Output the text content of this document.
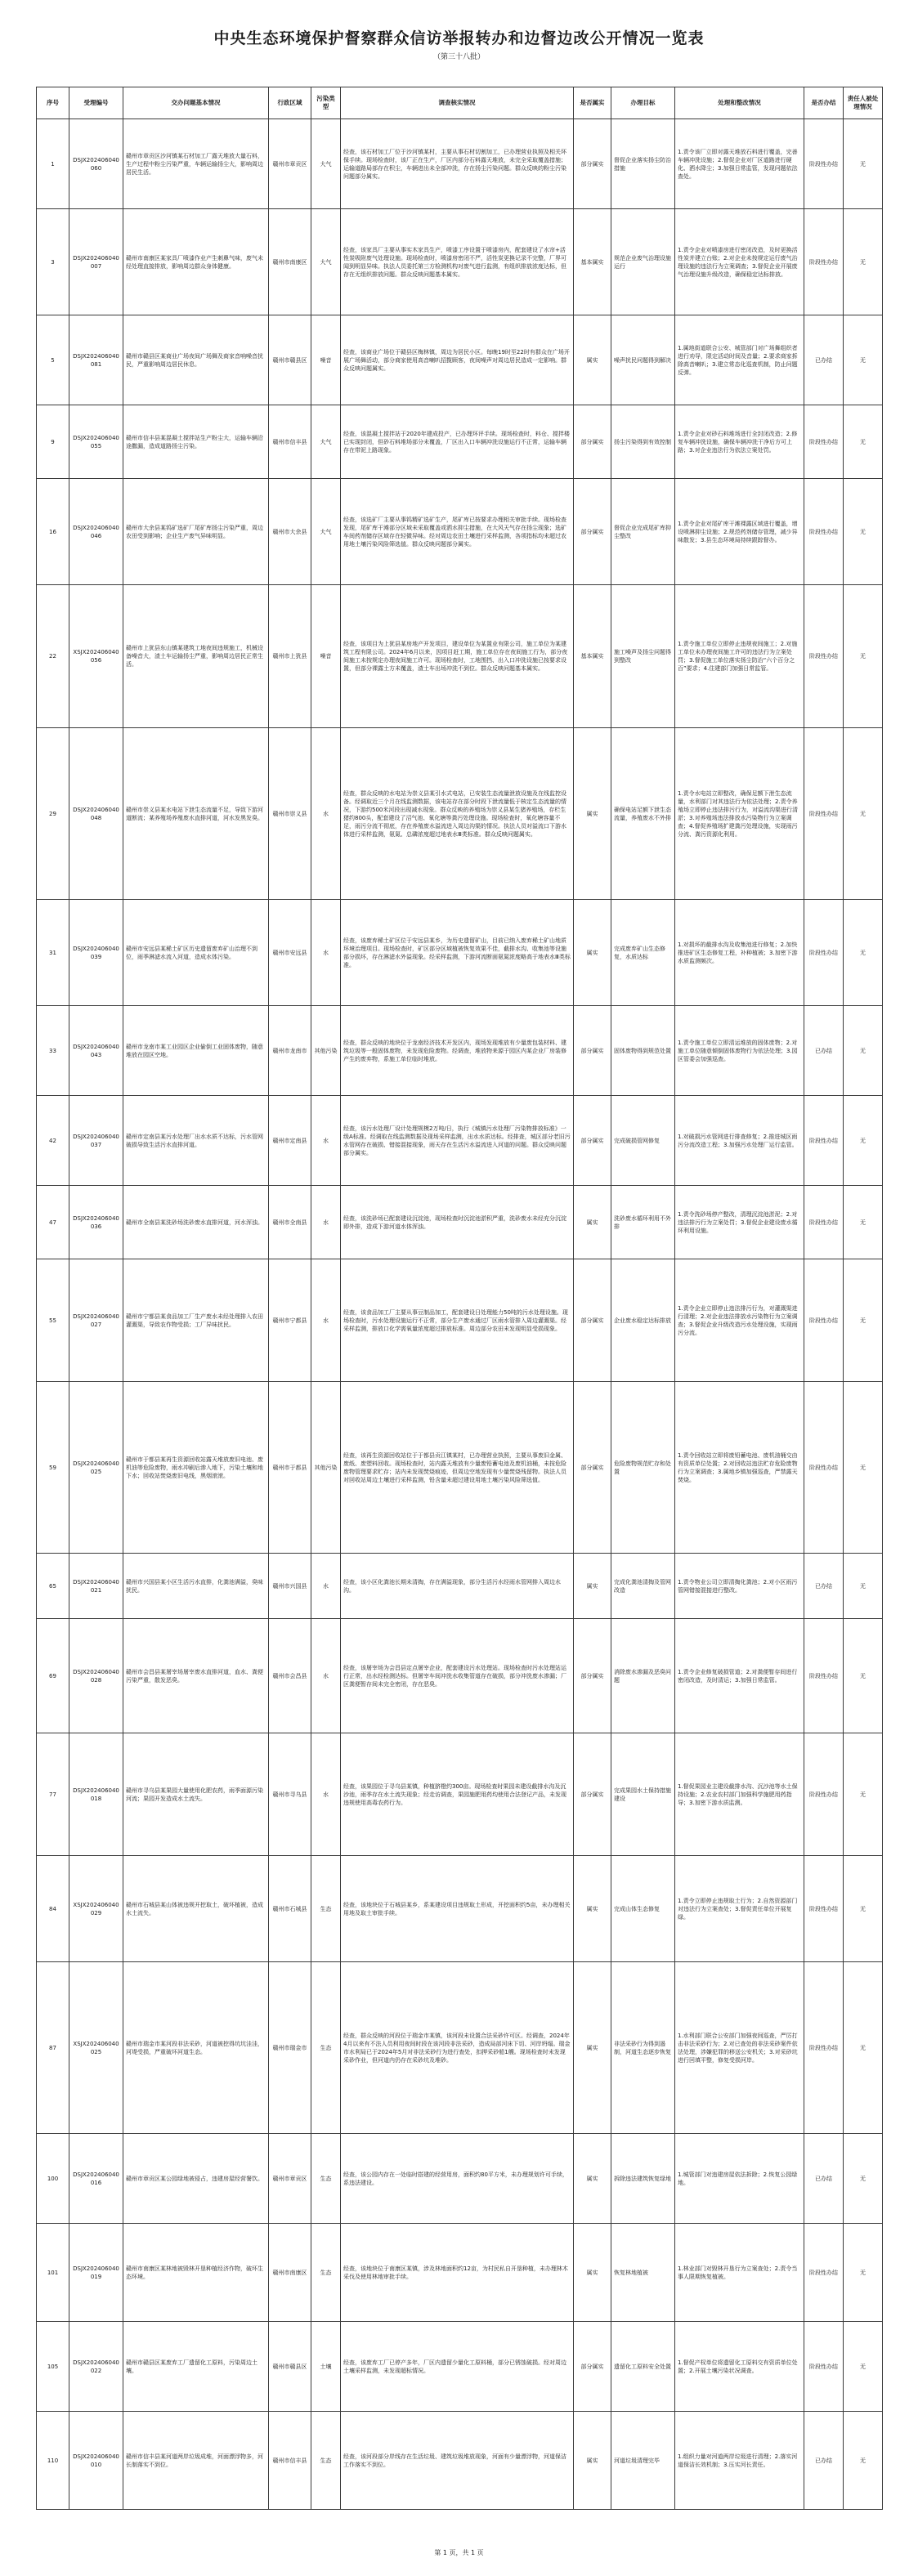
中央生态环境保护督察群众信访举报转办和边督边改公开情况一览表
（第三十八批）
序号	受理编号	交办问题基本情况	行政区域	污染类型	调查核实情况	是否属实	办理目标	处理和整改情况	是否办结	责任人被处理情况
1	DSJX202406040060	赣州市章贡区沙河镇某石材加工厂露天堆放大量石料，生产过程中粉尘污染严重，车辆运输扬尘大，影响周边居民生活。	赣州市章贡区	大气	经查，该石材加工厂位于沙河镇某村，主要从事石材切割加工，已办理营业执照及相关环保手续。现场检查时，该厂正在生产，厂区内部分石料露天堆放，未完全采取覆盖措施；运输道路局部存在积尘，车辆进出未全部冲洗，存在扬尘污染问题。群众反映的粉尘污染问题部分属实。	部分属实	督促企业落实扬尘防治措施	1.责令该厂立即对露天堆放石料进行覆盖，完善车辆冲洗设施；2.督促企业对厂区道路进行硬化、洒水降尘；3.加强日常监管，发现问题依法查处。	阶段性办结	无
3	DSJX202406040007	赣州市南康区某家具厂喷漆作业产生刺鼻气味，废气未经处理直接排放，影响周边群众身体健康。	赣州市南康区	大气	经查，该家具厂主要从事实木家具生产，喷漆工序设置于喷漆房内，配套建设了水帘+活性炭吸附废气处理设施。现场检查时，喷漆房密闭不严，活性炭更换记录不完整，厂界可闻到明显异味。执法人员委托第三方检测机构对废气进行监测，有组织排放浓度达标，但存在无组织排放问题。群众反映问题基本属实。	基本属实	规范企业废气治理设施运行	1.责令企业对喷漆房进行密闭改造，及时更换活性炭并建立台账；2.对企业未按规定运行废气治理设施的违法行为立案调查；3.督促企业开展废气治理设施升级改造，确保稳定达标排放。	阶段性办结	无
5	DSJX202406040081	赣州市赣县区某商业广场夜间广场舞及商家音响噪音扰民，严重影响周边居民休息。	赣州市赣县区	噪音	经查，该商业广场位于赣县区梅林镇，周边为居民小区。每晚19时至22时有群众在广场开展广场舞活动，部分商家使用高音喇叭招揽顾客，夜间噪声对周边居民造成一定影响。群众反映问题属实。	属实	噪声扰民问题得到解决	1.属地街道联合公安、城管部门对广场舞组织者进行劝导，限定活动时间及音量；2.要求商家拆除高音喇叭；3.建立常态化巡查机制，防止问题反弹。	已办结	无
9	DSJX202406040055	赣州市信丰县某混凝土搅拌站生产粉尘大，运输车辆沿途撒漏，造成道路扬尘污染。	赣州市信丰县	大气	经查，该混凝土搅拌站于2020年建成投产，已办理环评手续。现场检查时，料仓、搅拌楼已实现封闭，但砂石料堆场部分未覆盖，厂区出入口车辆冲洗设施运行不正常，运输车辆存在带泥上路现象。	部分属实	扬尘污染得到有效控制	1.责令企业对砂石料堆场进行全封闭改造；2.修复车辆冲洗设施，确保车辆冲洗干净后方可上路；3.对企业违法行为依法立案处罚。	阶段性办结	无
16	DSJX202406040046	赣州市大余县某钨矿选矿厂尾矿库扬尘污染严重，周边农田受到影响；企业生产废气异味明显。	赣州市大余县	大气	经查，该选矿厂主要从事钨精矿选矿生产，尾矿库已按要求办理相关审批手续。现场检查发现，尾矿库干滩部分区域未采取覆盖或洒水抑尘措施，在大风天气存在扬尘现象；选矿车间药剂储存区域存在轻微异味。经对周边农田土壤进行采样监测，各项指标均未超过农用地土壤污染风险筛选值。群众反映问题部分属实。	部分属实	督促企业完成尾矿库抑尘整改	1.责令企业对尾矿库干滩裸露区域进行覆盖，增设喷淋抑尘设施；2.规范药剂储存管理，减少异味散发；3.县生态环境局持续跟踪督办。	阶段性办结	无
22	XSJX202406040056	赣州市上犹县东山镇某建筑工地夜间违规施工，机械设备噪音大，渣土车运输扬尘严重，影响周边居民正常生活。	赣州市上犹县	噪音	经查，该项目为上犹县某房地产开发项目，建设单位为某置业有限公司，施工单位为某建筑工程有限公司。2024年6月以来，因项目赶工期，施工单位存在夜间施工行为，部分夜间施工未按规定办理夜间施工许可。现场检查时，工地围挡、出入口冲洗设施已按要求设置，但部分裸露土方未覆盖，渣土车出场冲洗不到位。群众反映问题基本属实。	基本属实	施工噪声及扬尘问题得到整改	1.责令施工单位立即停止违规夜间施工；2.对施工单位未办理夜间施工许可的违法行为立案处罚；3.督促施工单位落实扬尘防治“六个百分之百”要求；4.住建部门加强日常监管。	阶段性办结	无
29	DSJX202406040048	赣州市崇义县某水电站下泄生态流量不足，导致下游河道断流；某养殖场养殖废水直排河道，河水发黑发臭。	赣州市崇义县	水	经查，群众反映的水电站为崇义县某引水式电站，已安装生态流量泄放设施及在线监控设备。经调取近三个月在线监测数据，该电站存在部分时段下泄流量低于核定生态流量的情况，下游约500米河段出现减水现象。群众反映的养殖场为崇义县某生猪养殖场，存栏生猪约800头，配套建设了沼气池、氧化塘等粪污处理设施。现场检查时，氧化塘容量不足，雨污分流不彻底，存在养殖废水溢流进入周边沟渠的情况。执法人员对溢流口下游水体进行采样监测，氨氮、总磷浓度超过地表水Ⅲ类标准。群众反映问题属实。	属实	确保电站足额下泄生态流量，养殖废水不外排	1.责令水电站立即整改，确保足额下泄生态流量，水利部门对其违法行为依法处理；2.责令养殖场立即停止违法排污行为，对溢流沟渠进行清淤；3.对养殖场违法排放水污染物行为立案调查；4.督促养殖场扩建粪污处理设施，实现雨污分流、粪污资源化利用。	阶段性办结	无
31	DSJX202406040039	赣州市安远县某稀土矿区历史遗留废弃矿山治理不到位，雨季淋滤水流入河道，造成水体污染。	赣州市安远县	水	经查，该废弃稀土矿区位于安远县某乡，为历史遗留矿山，目前已纳入废弃稀土矿山地质环境治理项目。现场检查时，矿区部分区域植被恢复效果不佳，截排水沟、收集池等设施部分损坏，存在淋滤水外溢现象。经采样监测，下游河流断面氨氮浓度略高于地表水Ⅲ类标准。	属实	完成废弃矿山生态修复，水质达标	1.对损坏的截排水沟及收集池进行修复；2.加快推进矿区生态修复工程，补种植被；3.加密下游水质监测频次。	阶段性办结	无
33	DSJX202406040043	赣州市龙南市某工业园区企业偷倒工业固体废物，随意堆放在园区空地。	赣州市龙南市	其他污染	经查，群众反映的地块位于龙南经济技术开发区内，现场发现堆放有少量废包装材料、建筑垃圾等一般固体废物，未发现危险废物。经调查，堆放物来源于园区内某企业厂房装修产生的废弃物，系施工单位临时堆放。	部分属实	固体废物得到规范处置	1.责令施工单位立即清运堆放的固体废物；2.对施工单位随意倾倒固体废物行为依法处理；3.园区管委会加强巡查。	已办结	无
42	DSJX202406040037	赣州市定南县某污水处理厂出水水质不达标，污水管网破损导致生活污水直排河道。	赣州市定南县	水	经查，该污水处理厂设计处理规模2万吨/日，执行《城镇污水处理厂污染物排放标准》一级A标准。经调取在线监测数据及现场采样监测，出水水质达标。经排查，城区部分老旧污水管网存在破损、错接混接现象，雨天存在生活污水溢流进入河道的问题。群众反映问题部分属实。	部分属实	完成破损管网修复	1.对破损污水管网进行排查修复；2.推进城区雨污分流改造工程；3.加强污水处理厂运行监管。	阶段性办结	无
47	DSJX202406040036	赣州市全南县某洗砂场洗砂废水直排河道，河水浑浊。	赣州市全南县	水	经查，该洗砂场已配套建设沉淀池，现场检查时沉淀池淤积严重，洗砂废水未经充分沉淀即外排，造成下游河道水体浑浊。	属实	洗砂废水循环利用不外排	1.责令洗砂场停产整改，清理沉淀池淤泥；2.对违法排污行为立案处罚；3.督促企业建设废水循环利用设施。	阶段性办结	无
55	DSJX202406040027	赣州市宁都县某食品加工厂生产废水未经处理排入农田灌溉渠，导致农作物受损；工厂异味扰民。	赣州市宁都县	水	经查，该食品加工厂主要从事豆制品加工，配套建设日处理能力50吨的污水处理设施。现场检查时，污水处理设施运行不正常，部分生产废水通过厂区雨水管排入周边灌溉渠。经采样监测，排放口化学需氧量浓度超过排放标准。周边部分农田未发现明显受损现象。	部分属实	企业废水稳定达标排放	1.责令企业立即停止违法排污行为，对灌溉渠进行清理；2.对企业违法排放水污染物行为立案调查；3.督促企业升级改造污水处理设施，实现雨污分流。	阶段性办结	无
59	DSJX202406040025	赣州市于都县某再生资源回收站露天堆放废旧电池、废机油等危险废物，雨水冲刷后渗入地下，污染土壤和地下水；回收站焚烧废旧电线，黑烟滚滚。	赣州市于都县	其他污染	经查，该再生资源回收站位于于都县贡江镇某村，已办理营业执照，主要从事废旧金属、废纸、废塑料回收。现场检查时，站内露天堆放有少量废铅蓄电池及废机油桶，未按危险废物管理要求贮存；站内未发现焚烧痕迹，但周边空地发现有少量焚烧残留物。执法人员对回收站周边土壤进行采样监测，铅含量未超过建设用地土壤污染风险筛选值。	部分属实	危险废物规范贮存和处置	1.责令回收站立即将废铅蓄电池、废机油桶交由有资质单位处置；2.对回收站违法贮存危险废物行为立案调查；3.属地乡镇加强巡查，严禁露天焚烧。	阶段性办结	无
65	DSJX202406040021	赣州市兴国县某小区生活污水直排，化粪池满溢，臭味扰民。	赣州市兴国县	水	经查，该小区化粪池长期未清掏，存在满溢现象，部分生活污水经雨水管网排入周边水沟。	属实	完成化粪池清掏及管网改造	1.责令物业公司立即清掏化粪池；2.对小区雨污管网错接混接进行整改。	已办结	无
69	DSJX202406040028	赣州市会昌县某屠宰场屠宰废水直排河道，血水、粪便污染严重，散发恶臭。	赣州市会昌县	水	经查，该屠宰场为会昌县定点屠宰企业，配套建设污水处理站。现场检查时污水处理站运行正常，出水经检测达标。但屠宰车间冲洗水收集管道存在破损，部分冲洗废水渗漏；厂区粪便暂存间未完全密闭，存在恶臭。	部分属实	消除废水渗漏及恶臭问题	1.责令企业修复破损管道；2.对粪便暂存间进行密闭改造，及时清运；3.加强日常监管。	阶段性办结	无
77	DSJX202406040018	赣州市寻乌县某果园大量使用化肥农药，雨季面源污染河流；果园开发造成水土流失。	赣州市寻乌县	水	经查，该果园位于寻乌县某镇，种植脐橙约300亩。现场检查时果园未建设截排水沟及沉沙池，雨季存在水土流失现象；经走访调查，果园施肥用药均使用合法登记产品，未发现违规使用高毒农药行为。	部分属实	完成果园水土保持措施建设	1.督促果园业主建设截排水沟、沉沙池等水土保持设施；2.农业农村部门加强科学施肥用药指导；3.加密下游水质监测。	阶段性办结	无
84	XSJX202406040029	赣州市石城县某山体被违规开挖取土，破坏植被，造成水土流失。	赣州市石城县	生态	经查，该地块位于石城县某乡，系某建设项目违规取土形成，开挖面积约5亩，未办理相关用地及取土审批手续。	属实	完成山体生态修复	1.责令立即停止违规取土行为；2.自然资源部门对违法行为立案查处；3.督促责任单位开展复绿。	阶段性办结	无
87	XSJX202406040025	赣州市瑞金市某河段非法采砂，河道被挖得坑坑洼洼，河堤受损，严重破坏河道生态。	赣州市瑞金市	生态	经查，群众反映的河段位于瑞金市某镇，该河段未设置合法采砂许可区。经调查，2024年4月以来有不法人员利用夜间时段在该河段非法采砂，造成局部河床下切、河岸坍塌。瑞金市水利局已于2024年5月对非法采砂行为进行查处，扣押采砂船1艘。现场检查时未发现采砂作业，但河道内仍存在采砂坑及堆砂。	属实	非法采砂行为得到遏制，河道生态逐步恢复	1.水利部门联合公安部门加强夜间巡查，严厉打击非法采砂行为；2.对已查处的非法采砂案件依法处理，涉嫌犯罪的移送公安机关；3.对采砂坑进行回填平整，修复受损河岸。	阶段性办结	无
100	DSJX202406040016	赣州市章贡区某公园绿地被侵占，违建房屋经营餐饮。	赣州市章贡区	生态	经查，该公园内存在一处临时搭建的经营用房，面积约80平方米，未办理规划许可手续，系违法建设。	属实	拆除违法建筑恢复绿地	1.城管部门对违建房屋依法拆除；2.恢复公园绿地。	已办结	无
101	DSJX202406040019	赣州市南康区某林地被毁林开垦种植经济作物，破坏生态环境。	赣州市南康区	生态	经查，该地块位于南康区某镇，涉及林地面积约12亩，为村民私自开垦种植，未办理林木采伐及使用林地审批手续。	属实	恢复林地植被	1.林业部门对毁林开垦行为立案查处；2.责令当事人限期恢复植被。	阶段性办结	无
105	DSJX202406040022	赣州市赣县区某废弃工厂遗留化工原料，污染周边土壤。	赣州市赣县区	土壤	经查，该废弃工厂已停产多年，厂区内遗留少量化工原料桶，部分已锈蚀破损。经对周边土壤采样监测，未发现超标情况。	部分属实	遗留化工原料安全处置	1.督促产权单位将遗留化工原料交有资质单位处置；2.开展土壤污染状况调查。	阶段性办结	无
110	DSJX202406040010	赣州市信丰县某河道两岸垃圾成堆，河面漂浮物多，河长制落实不到位。	赣州市信丰县	生态	经查，该河段部分岸线存在生活垃圾、建筑垃圾堆放现象，河面有少量漂浮物，河道保洁工作落实不到位。	属实	河道垃圾清理完毕	1.组织力量对河道两岸垃圾进行清理；2.落实河道保洁长效机制；3.压实河长责任。	已办结	无
第 1 页，共 1 页
